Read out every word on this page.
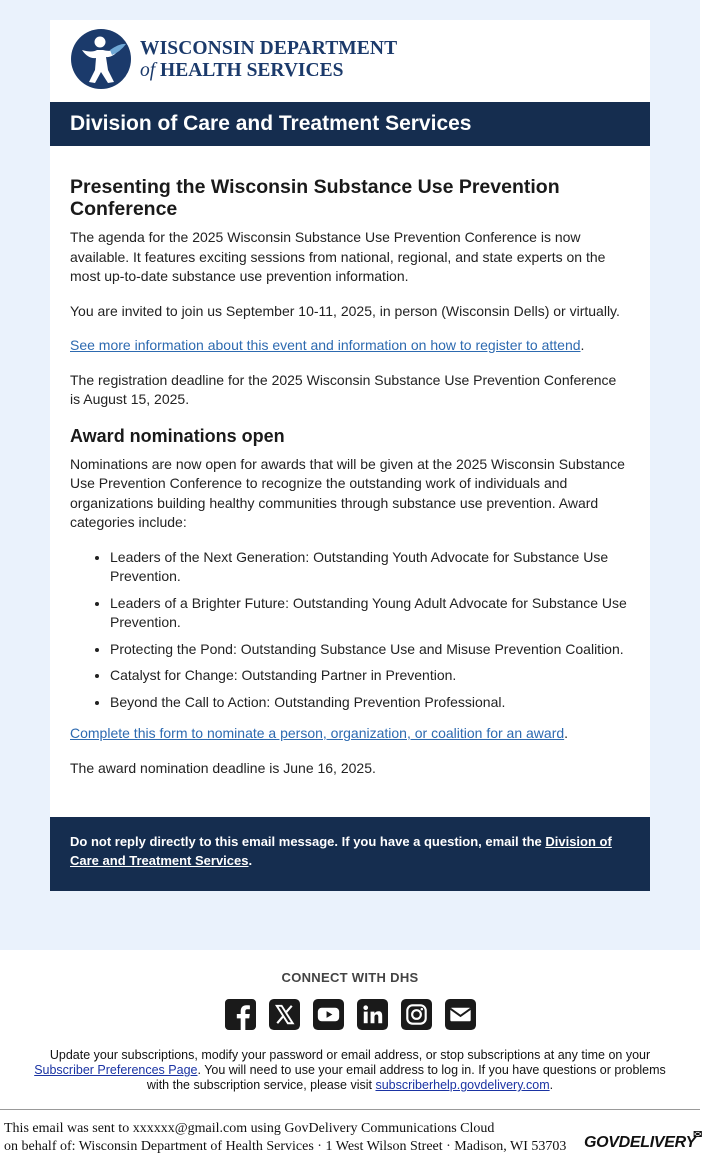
WISCONSIN DEPARTMENT
of HEALTH SERVICES
Division of Care and Treatment Services
Presenting the Wisconsin Substance Use Prevention Conference

The agenda for the 2025 Wisconsin Substance Use Prevention Conference is now available. It features exciting sessions from national, regional, and state experts on the most up-to-date substance use prevention information.

You are invited to join us September 10-11, 2025, in person (Wisconsin Dells) or virtually.

See more information about this event and information on how to register to attend.

The registration deadline for the 2025 Wisconsin Substance Use Prevention Conference is August 15, 2025.

Award nominations open

Nominations are now open for awards that will be given at the 2025 Wisconsin Substance Use Prevention Conference to recognize the outstanding work of individuals and organizations building healthy communities through substance use prevention. Award categories include:

• Leaders of the Next Generation: Outstanding Youth Advocate for Substance Use Prevention.
• Leaders of a Brighter Future: Outstanding Young Adult Advocate for Substance Use Prevention.
• Protecting the Pond: Outstanding Substance Use and Misuse Prevention Coalition.
• Catalyst for Change: Outstanding Partner in Prevention.
• Beyond the Call to Action: Outstanding Prevention Professional.

Complete this form to nominate a person, organization, or coalition for an award.

The award nomination deadline is June 16, 2025.

Do not reply directly to this email message. If you have a question, email the Division of Care and Treatment Services.
CONNECT WITH DHS
Update your subscriptions, modify your password or email address, or stop subscriptions at any time on your Subscriber Preferences Page. You will need to use your email address to log in. If you have questions or problems with the subscription service, please visit subscriberhelp.govdelivery.com.
This email was sent to xxxxxx@gmail.com using GovDelivery Communications Cloud
on behalf of: Wisconsin Department of Health Services · 1 West Wilson Street · Madison, WI 53703	GOVDELIVERY
✉
